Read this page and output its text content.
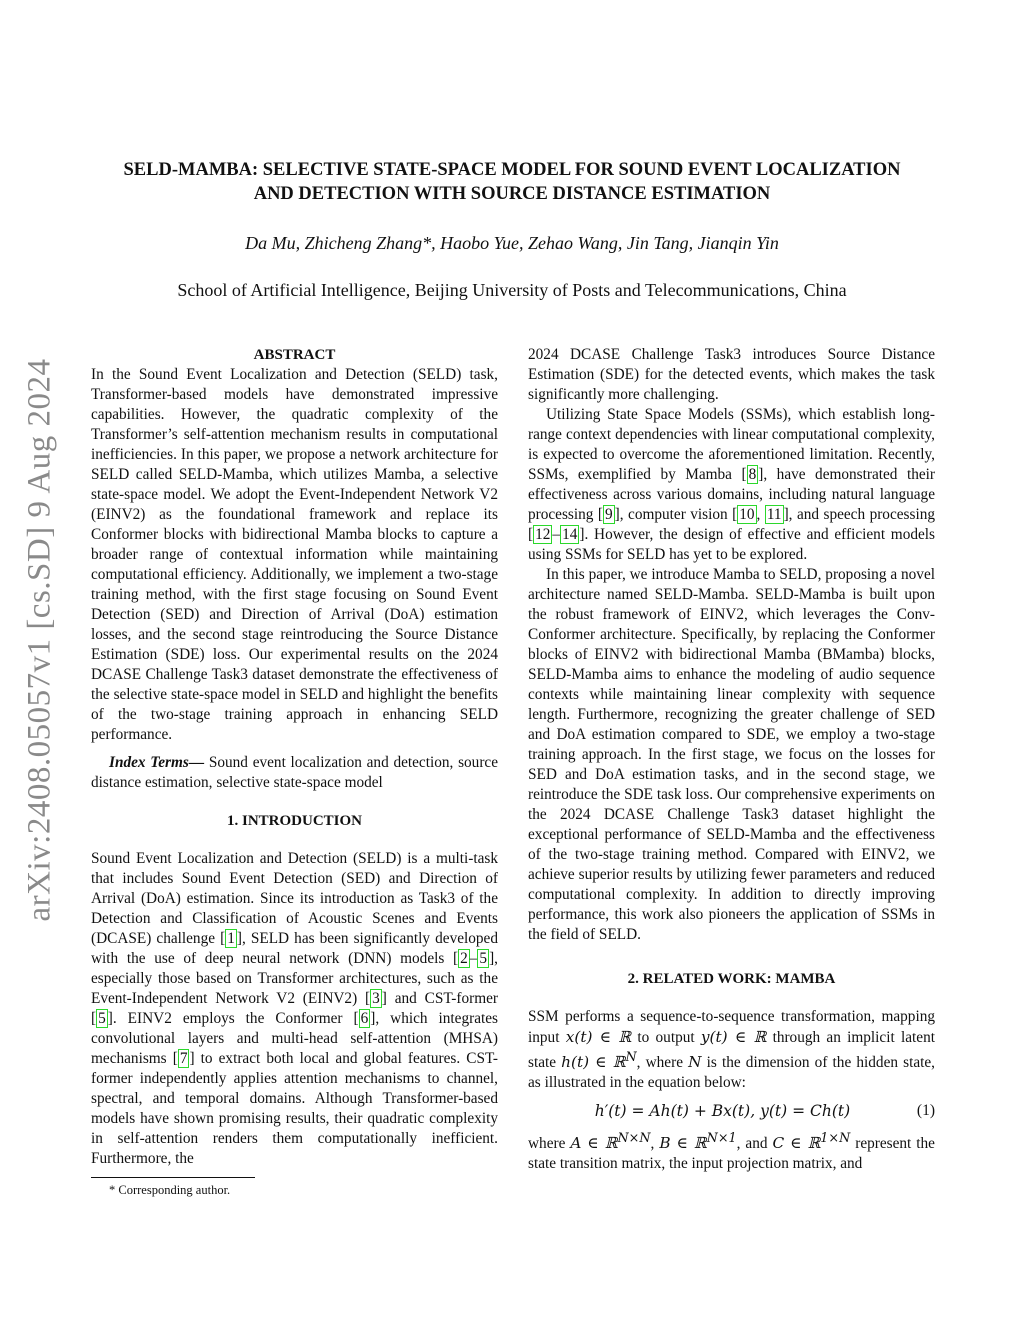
arXiv:2408.05057v1 [cs.SD] 9 Aug 2024
SELD-MAMBA: SELECTIVE STATE-SPACE MODEL FOR SOUND EVENT LOCALIZATION
AND DETECTION WITH SOURCE DISTANCE ESTIMATION
Da Mu, Zhicheng Zhang*, Haobo Yue, Zehao Wang, Jin Tang, Jianqin Yin
School of Artificial Intelligence, Beijing University of Posts and Telecommunications, China
ABSTRACT

In the Sound Event Localization and Detection (SELD) task, Transformer-based models have demonstrated impressive capabilities. However, the quadratic complexity of the Transformer’s self-attention mechanism results in computational inefficiencies. In this paper, we propose a network architecture for SELD called SELD-Mamba, which utilizes Mamba, a selective state-space model. We adopt the Event-Independent Network V2 (EINV2) as the foundational framework and replace its Conformer blocks with bidirectional Mamba blocks to capture a broader range of contextual information while maintaining computational efficiency. Additionally, we implement a two-stage training method, with the first stage focusing on Sound Event Detection (SED) and Direction of Arrival (DoA) estimation losses, and the second stage reintroducing the Source Distance Estimation (SDE) loss. Our experimental results on the 2024 DCASE Challenge Task3 dataset demonstrate the effectiveness of the selective state-space model in SELD and highlight the benefits of the two-stage training approach in enhancing SELD performance.

Index Terms— Sound event localization and detection, source distance estimation, selective state-space model

1. INTRODUCTION

Sound Event Localization and Detection (SELD) is a multi-task that includes Sound Event Detection (SED) and Direction of Arrival (DoA) estimation. Since its introduction as Task3 of the Detection and Classification of Acoustic Scenes and Events (DCASE) challenge [ 1 ], SELD has been significantly developed with the use of deep neural network (DNN) models [ 2 – 5 ], especially those based on Transformer architectures, such as the Event-Independent Network V2 (EINV2) [ 3 ] and CST-former [ 5 ]. EINV2 employs the Conformer [ 6 ], which integrates convolutional layers and multi-head self-attention (MHSA) mechanisms [ 7 ] to extract both local and global features. CST-former independently applies attention mechanisms to channel, spectral, and temporal domains. Although Transformer-based models have shown promising results, their quadratic complexity in self-attention renders them computationally inefficient. Furthermore, the

* Corresponding author.

2024 DCASE Challenge Task3 introduces Source Distance Estimation (SDE) for the detected events, which makes the task significantly more challenging.

Utilizing State Space Models (SSMs), which establish long-range context dependencies with linear computational complexity, is expected to overcome the aforementioned limitation. Recently, SSMs, exemplified by Mamba [ 8 ], have demonstrated their effectiveness across various domains, including natural language processing [ 9 ], computer vision [ 10 , 11 ], and speech processing [ 12 – 14 ]. However, the design of effective and efficient models using SSMs for SELD has yet to be explored.

In this paper, we introduce Mamba to SELD, proposing a novel architecture named SELD-Mamba. SELD-Mamba is built upon the robust framework of EINV2, which leverages the Conv-Conformer architecture. Specifically, by replacing the Conformer blocks of EINV2 with bidirectional Mamba (BMamba) blocks, SELD-Mamba aims to enhance the modeling of audio sequence contexts while maintaining linear complexity with sequence length. Furthermore, recognizing the greater challenge of SED and DoA estimation compared to SDE, we employ a two-stage training approach. In the first stage, we focus on the losses for SED and DoA estimation tasks, and in the second stage, we reintroduce the SDE task loss. Our comprehensive experiments on the 2024 DCASE Challenge Task3 dataset highlight the exceptional performance of SELD-Mamba and the effectiveness of the two-stage training method. Compared with EINV2, we achieve superior results by utilizing fewer parameters and reduced computational complexity. In addition to directly improving performance, this work also pioneers the application of SSMs in the field of SELD.

2. RELATED WORK: MAMBA

SSM performs a sequence-to-sequence transformation, mapping input x(t) ∈ ℝ to output y(t) ∈ ℝ through an implicit latent state h(t) ∈ ℝ$^N$, where N is the dimension of the hidden state, as illustrated in the equation below:

h′(t) = Ah(t) + Bx(t), y(t) = Ch(t)	(1)

where A ∈ ℝ$^{N\times N}$, B ∈ ℝ$^{N\times 1}$, and C ∈ ℝ$^{1\times N}$ represent the state transition matrix, the input projection matrix, and
